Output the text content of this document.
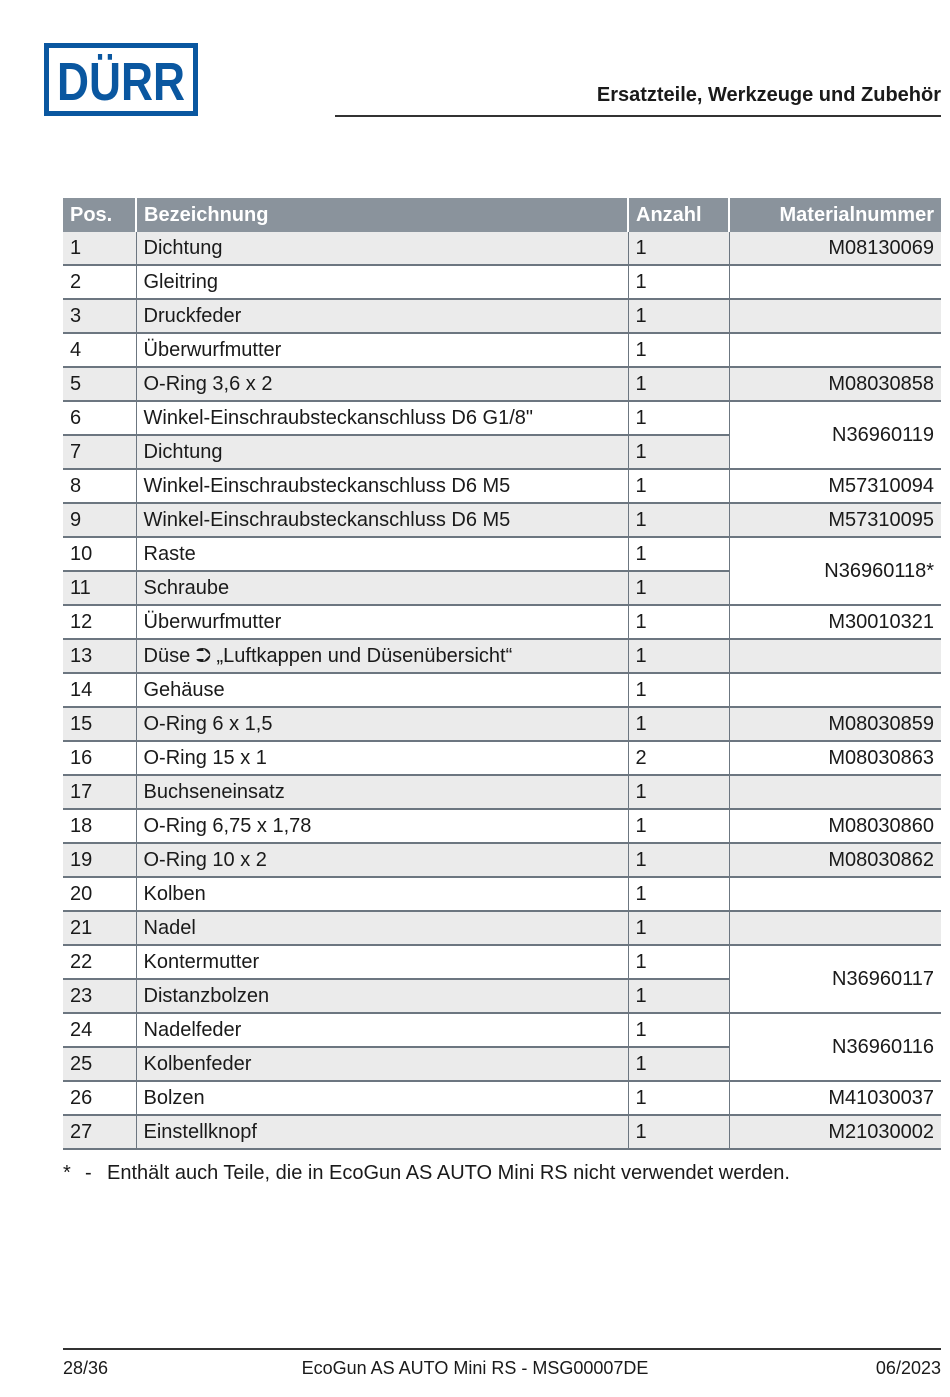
DÜRR	Ersatzteile, Werkzeuge und Zubehör
Pos.	Bezeichnung	Anzahl	Materialnummer
1	Dichtung	1	M08130069
2	Gleitring	1	
3	Druckfeder	1	
4	Überwurfmutter	1	
5	O-Ring 3,6 x 2	1	M08030858
6	Winkel-Einschraubsteckanschluss D6 G1/8"	1	N36960119
7	Dichtung	1	
8	Winkel-Einschraubsteckanschluss D6 M5	1	M57310094
9	Winkel-Einschraubsteckanschluss D6 M5	1	M57310095
10	Raste	1	N36960118*
11	Schraube	1	
12	Überwurfmutter	1	M30010321
13	Düse ⮊ „Luftkappen und Düsenübersicht“	1	
14	Gehäuse	1	
15	O-Ring 6 x 1,5	1	M08030859
16	O-Ring 15 x 1	2	M08030863
17	Buchseneinsatz	1	
18	O-Ring 6,75 x 1,78	1	M08030860
19	O-Ring 10 x 2	1	M08030862
20	Kolben	1	
21	Nadel	1	
22	Kontermutter	1	N36960117
23	Distanzbolzen	1	
24	Nadelfeder	1	N36960116
25	Kolbenfeder	1	
26	Bolzen	1	M41030037
27	Einstellknopf	1	M21030002
* - Enthält auch Teile, die in EcoGun AS AUTO Mini RS nicht verwendet werden.
28/36	EcoGun AS AUTO Mini RS - MSG00007DE	06/2023
